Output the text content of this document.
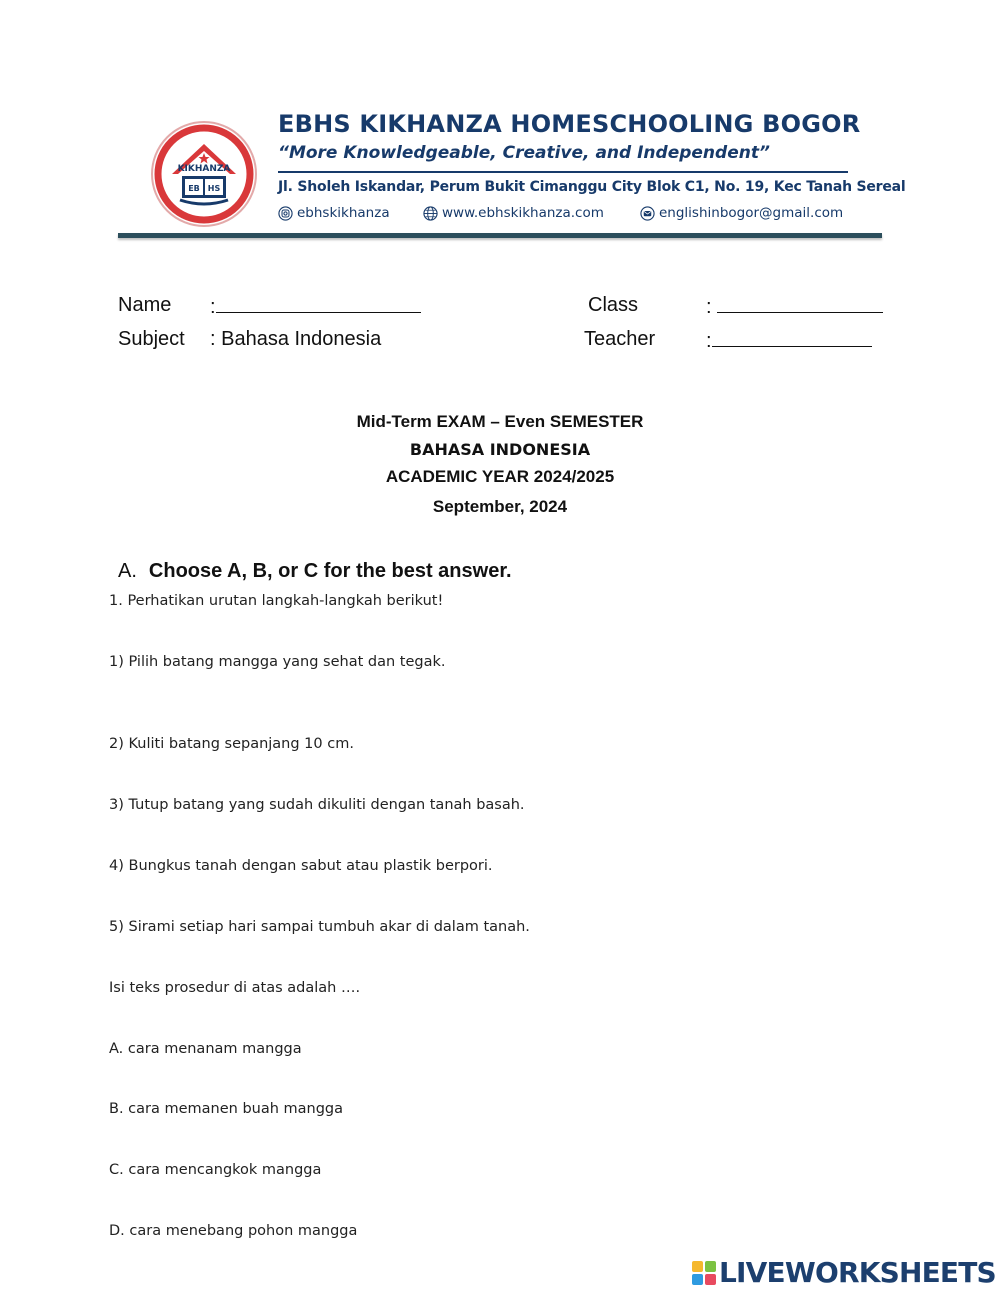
KIKHANZA
EB HS
EBHS KIKHANZA HOMESCHOOLING BOGOR
“More Knowledgeable, Creative, and Independent”
Jl. Sholeh Iskandar, Perum Bukit Cimanggu City Blok C1, No. 19, Kec Tanah Sereal
ebhskikhanza	www.ebhskikhanza.com	englishinbogor@gmail.com
Name :	Class	:
Subject : Bahasa Indonesia	Teacher	:
Mid-Term EXAM – Even SEMESTER
BAHASA INDONESIA
ACADEMIC YEAR 2024/2025
September, 2024
A. Choose A, B, or C for the best answer.
1. Perhatikan urutan langkah-langkah berikut!
1) Pilih batang mangga yang sehat dan tegak.
2) Kuliti batang sepanjang 10 cm.
3) Tutup batang yang sudah dikuliti dengan tanah basah.
4) Bungkus tanah dengan sabut atau plastik berpori.
5) Sirami setiap hari sampai tumbuh akar di dalam tanah.
Isi teks prosedur di atas adalah ….
A. cara menanam mangga
B. cara memanen buah mangga
C. cara mencangkok mangga
D. cara menebang pohon mangga
LIVEWORKSHEETS
